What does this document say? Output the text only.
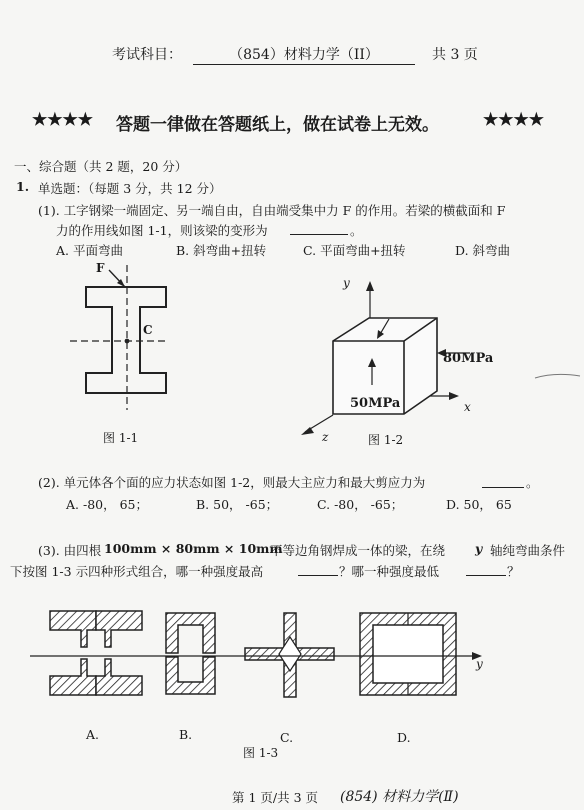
考试科目：	（854）材料力学（II）	共 3 页
★★★★ 答题一律做在答题纸上，做在试卷上无效。	★★★★
一、综合题（共 2 题，20 分）
1. 单选题：（每题 3 分，共 12 分）
(1). 工字钢梁一端固定、另一端自由，自由端受集中力 F 的作用。若梁的横截面和 F
力的作用线如图 1-1，则该梁的变形为	。
A. 平面弯曲	B. 斜弯曲+扭转	C. 平面弯曲+扭转	D. 斜弯曲
F
C
图 1-1
y
z
x
80MPa
50MPa
图 1-2
(2). 单元体各个面的应力状态如图 1-2，则最大主应力和最大剪应力为	。
A. -80， 65；	B. 50， -65；	C. -80， -65；	D. 50， 65
(3). 由四根 100mm × 80mm × 10mm
不等边角钢焊成一体的梁，在绕 y 轴纯弯曲条件
下按图 1-3 示四种形式组合，哪一种强度最高	？哪一种强度最低	？
y
A.	B.	C.	D.
图 1-3
第 1 页/共 3 页 (854) 材料力学(Ⅱ)
